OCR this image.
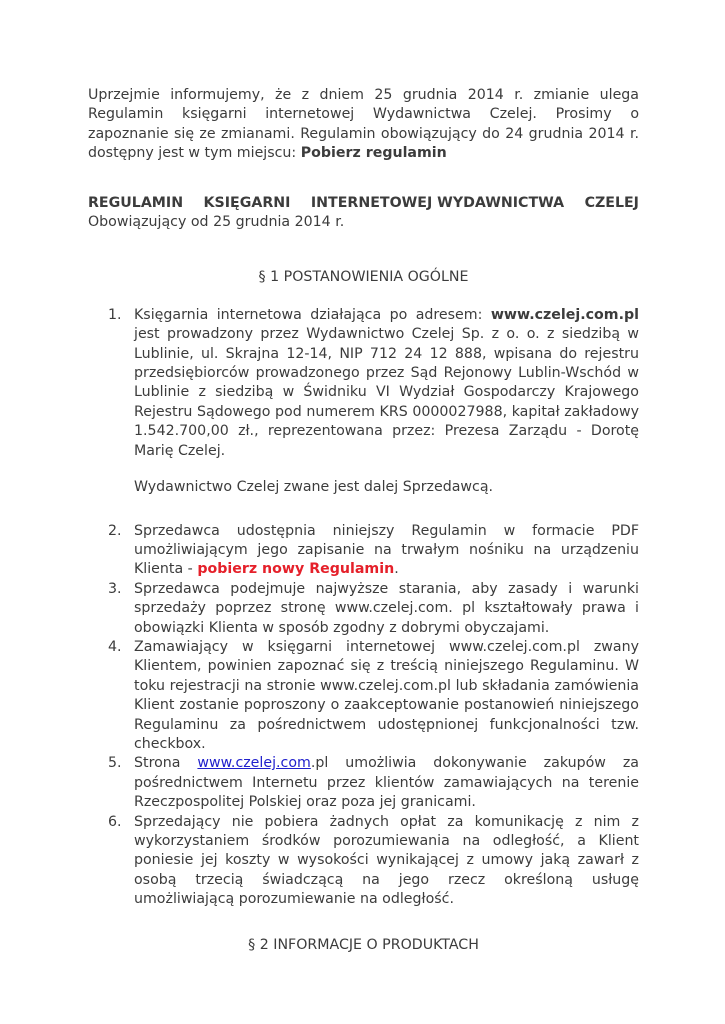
Uprzejmie informujemy, że z dniem 25 grudnia 2014 r. zmianie ulega Regulamin księgarni internetowej Wydawnictwa Czelej. Prosimy o zapoznanie się ze zmianami. Regulamin obowiązujący do 24 grudnia 2014 r. dostępny jest w tym miejscu: Pobierz regulamin

REGULAMIN KSIĘGARNI INTERNETOWEJ WYDAWNICTWA CZELEJ

Obowiązujący od 25 grudnia 2014 r.

§ 1 POSTANOWIENIA OGÓLNE

1. Księgarnia internetowa działająca po adresem: www.czelej.com.pl jest prowadzony przez Wydawnictwo Czelej Sp. z o. o. z siedzibą w Lublinie, ul. Skrajna 12-14, NIP 712 24 12 888, wpisana do rejestru przedsiębiorców prowadzonego przez Sąd Rejonowy Lublin-Wschód w Lublinie z siedzibą w Świdniku VI Wydział Gospodarczy Krajowego Rejestru Sądowego pod numerem KRS 0000027988, kapitał zakładowy 1.542.700,00 zł., reprezentowana przez: Prezesa Zarządu - Dorotę Marię Czelej.

Wydawnictwo Czelej zwane jest dalej Sprzedawcą.

2. Sprzedawca udostępnia niniejszy Regulamin w formacie PDF umożliwiającym jego zapisanie na trwałym nośniku na urządzeniu Klienta - pobierz nowy Regulamin.

3. Sprzedawca podejmuje najwyższe starania, aby zasady i warunki sprzedaży poprzez stronę www.czelej.com. pl kształtowały prawa i obowiązki Klienta w sposób zgodny z dobrymi obyczajami.

4. Zamawiający w księgarni internetowej www.czelej.com.pl zwany Klientem, powinien zapoznać się z treścią niniejszego Regulaminu. W toku rejestracji na stronie www.czelej.com.pl lub składania zamówienia Klient zostanie poproszony o zaakceptowanie postanowień niniejszego Regulaminu za pośrednictwem udostępnionej funkcjonalności tzw. checkbox.

5. Strona www.czelej.com.pl umożliwia dokonywanie zakupów za pośrednictwem Internetu przez klientów zamawiających na terenie Rzeczpospolitej Polskiej oraz poza jej granicami.

6. Sprzedający nie pobiera żadnych opłat za komunikację z nim z wykorzystaniem środków porozumiewania na odległość, a Klient poniesie jej koszty w wysokości wynikającej z umowy jaką zawarł z osobą trzecią świadczącą na jego rzecz określoną usługę umożliwiającą porozumiewanie na odległość.

§ 2 INFORMACJE O PRODUKTACH
